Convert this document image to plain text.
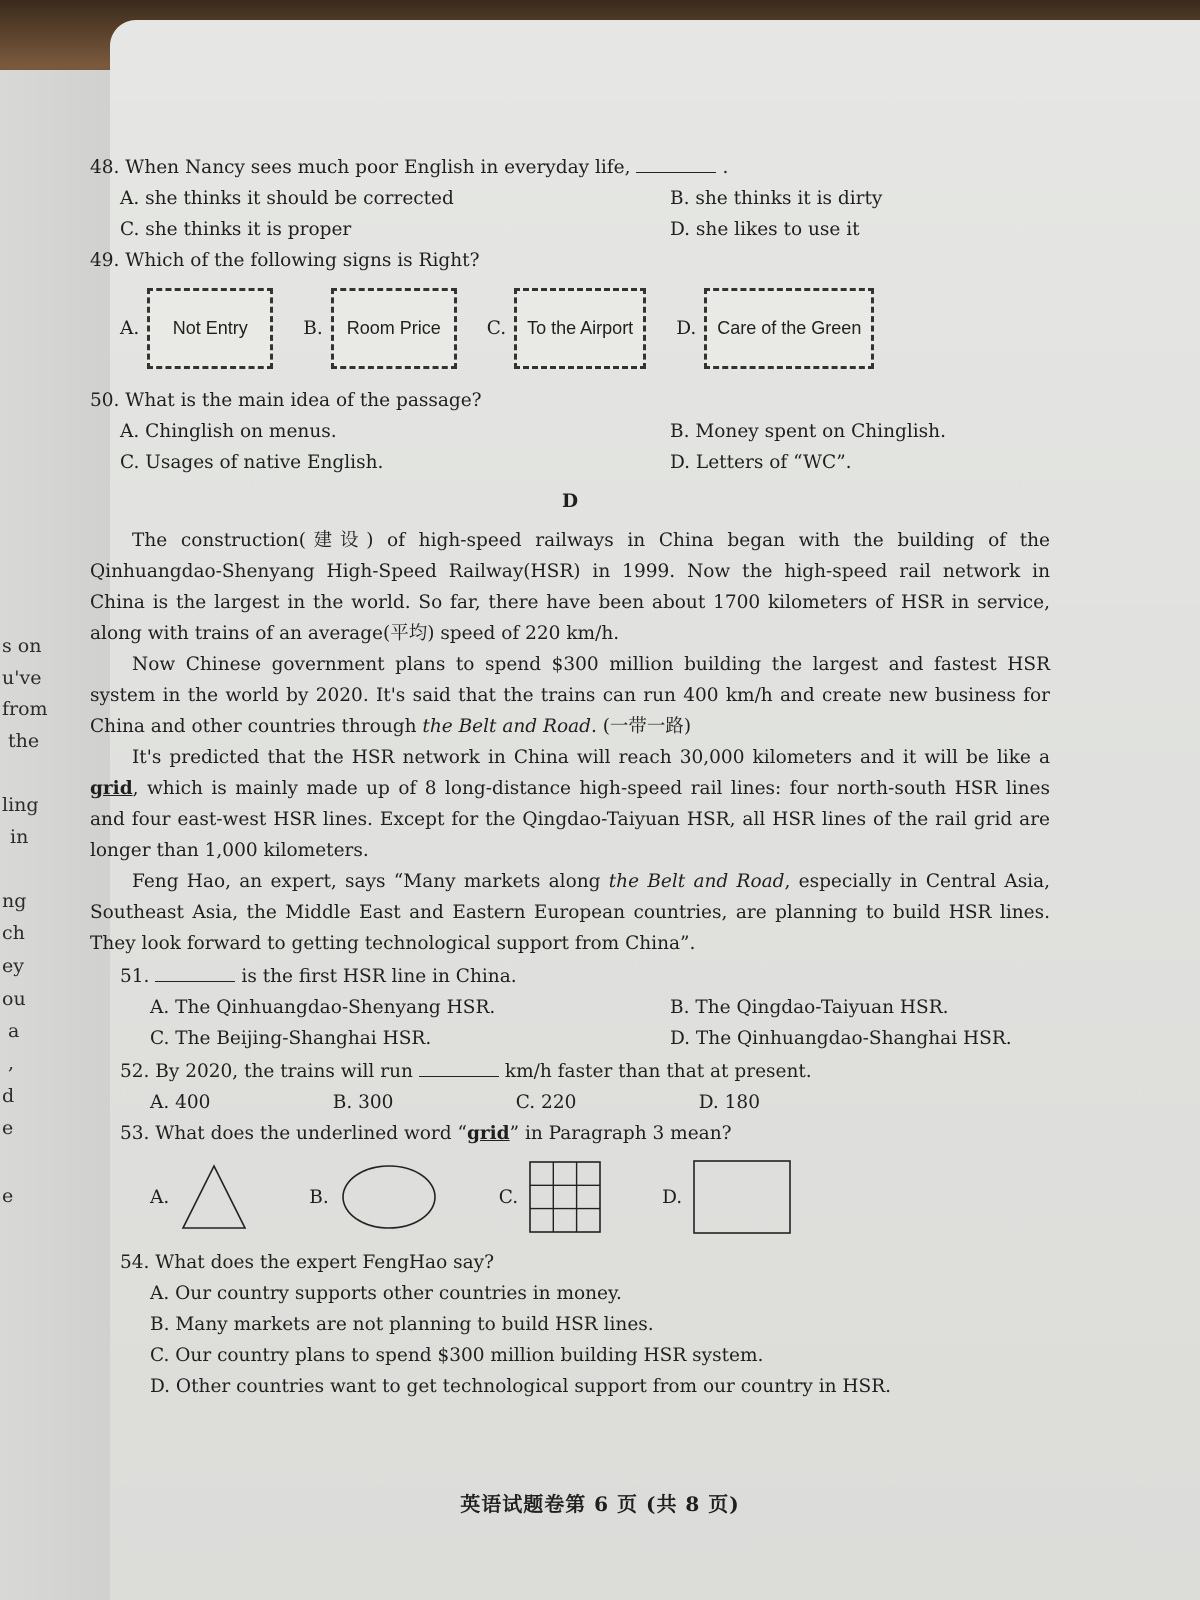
s on
u've
from
the
ling
in
ng
ch
ey
ou
a
,
d
e
e

48. When Nancy sees much poor English in everyday life,	.

A. she thinks it should be corrected	B. she thinks it is dirty
C. she thinks it is proper	D. she likes to use it

49. Which of the following signs is Right?

A.	Not Entry	B.	Room Price	C.	To the Airport	D.	Care of the Green

50. What is the main idea of the passage?

A. Chinglish on menus.	B. Money spent on Chinglish.
C. Usages of native English.	D. Letters of “WC”.
D

The construction(建设) of high-speed railways in China began with the building of the Qinhuangdao-Shenyang High-Speed Railway(HSR) in 1999. Now the high-speed rail network in China is the largest in the world. So far, there have been about 1700 kilometers of HSR in service, along with trains of an average(平均) speed of 220 km/h.

Now Chinese government plans to spend $300 million building the largest and fastest HSR system in the world by 2020. It's said that the trains can run 400 km/h and create new business for China and other countries through the Belt and Road. (一带一路)

It's predicted that the HSR network in China will reach 30,000 kilometers and it will be like a grid, which is mainly made up of 8 long-distance high-speed rail lines: four north-south HSR lines and four east-west HSR lines. Except for the Qingdao-Taiyuan HSR, all HSR lines of the rail grid are longer than 1,000 kilometers.

Feng Hao, an expert, says “Many markets along the Belt and Road, especially in Central Asia, Southeast Asia, the Middle East and Eastern European countries, are planning to build HSR lines. They look forward to getting technological support from China”.

51.	is the first HSR line in China.

A. The Qinhuangdao-Shenyang HSR.	B. The Qingdao-Taiyuan HSR.
C. The Beijing-Shanghai HSR.	D. The Qinhuangdao-Shanghai HSR.

52. By 2020, the trains will run	km/h faster than that at present.

A. 400	B. 300	C. 220	D. 180

53. What does the underlined word “grid” in Paragraph 3 mean?

A.	B.	C.	D.

54. What does the expert FengHao say?

A. Our country supports other countries in money.

B. Many markets are not planning to build HSR lines.

C. Our country plans to spend $300 million building HSR system.

D. Other countries want to get technological support from our country in HSR.

英语试题卷第 6 页 (共 8 页)
